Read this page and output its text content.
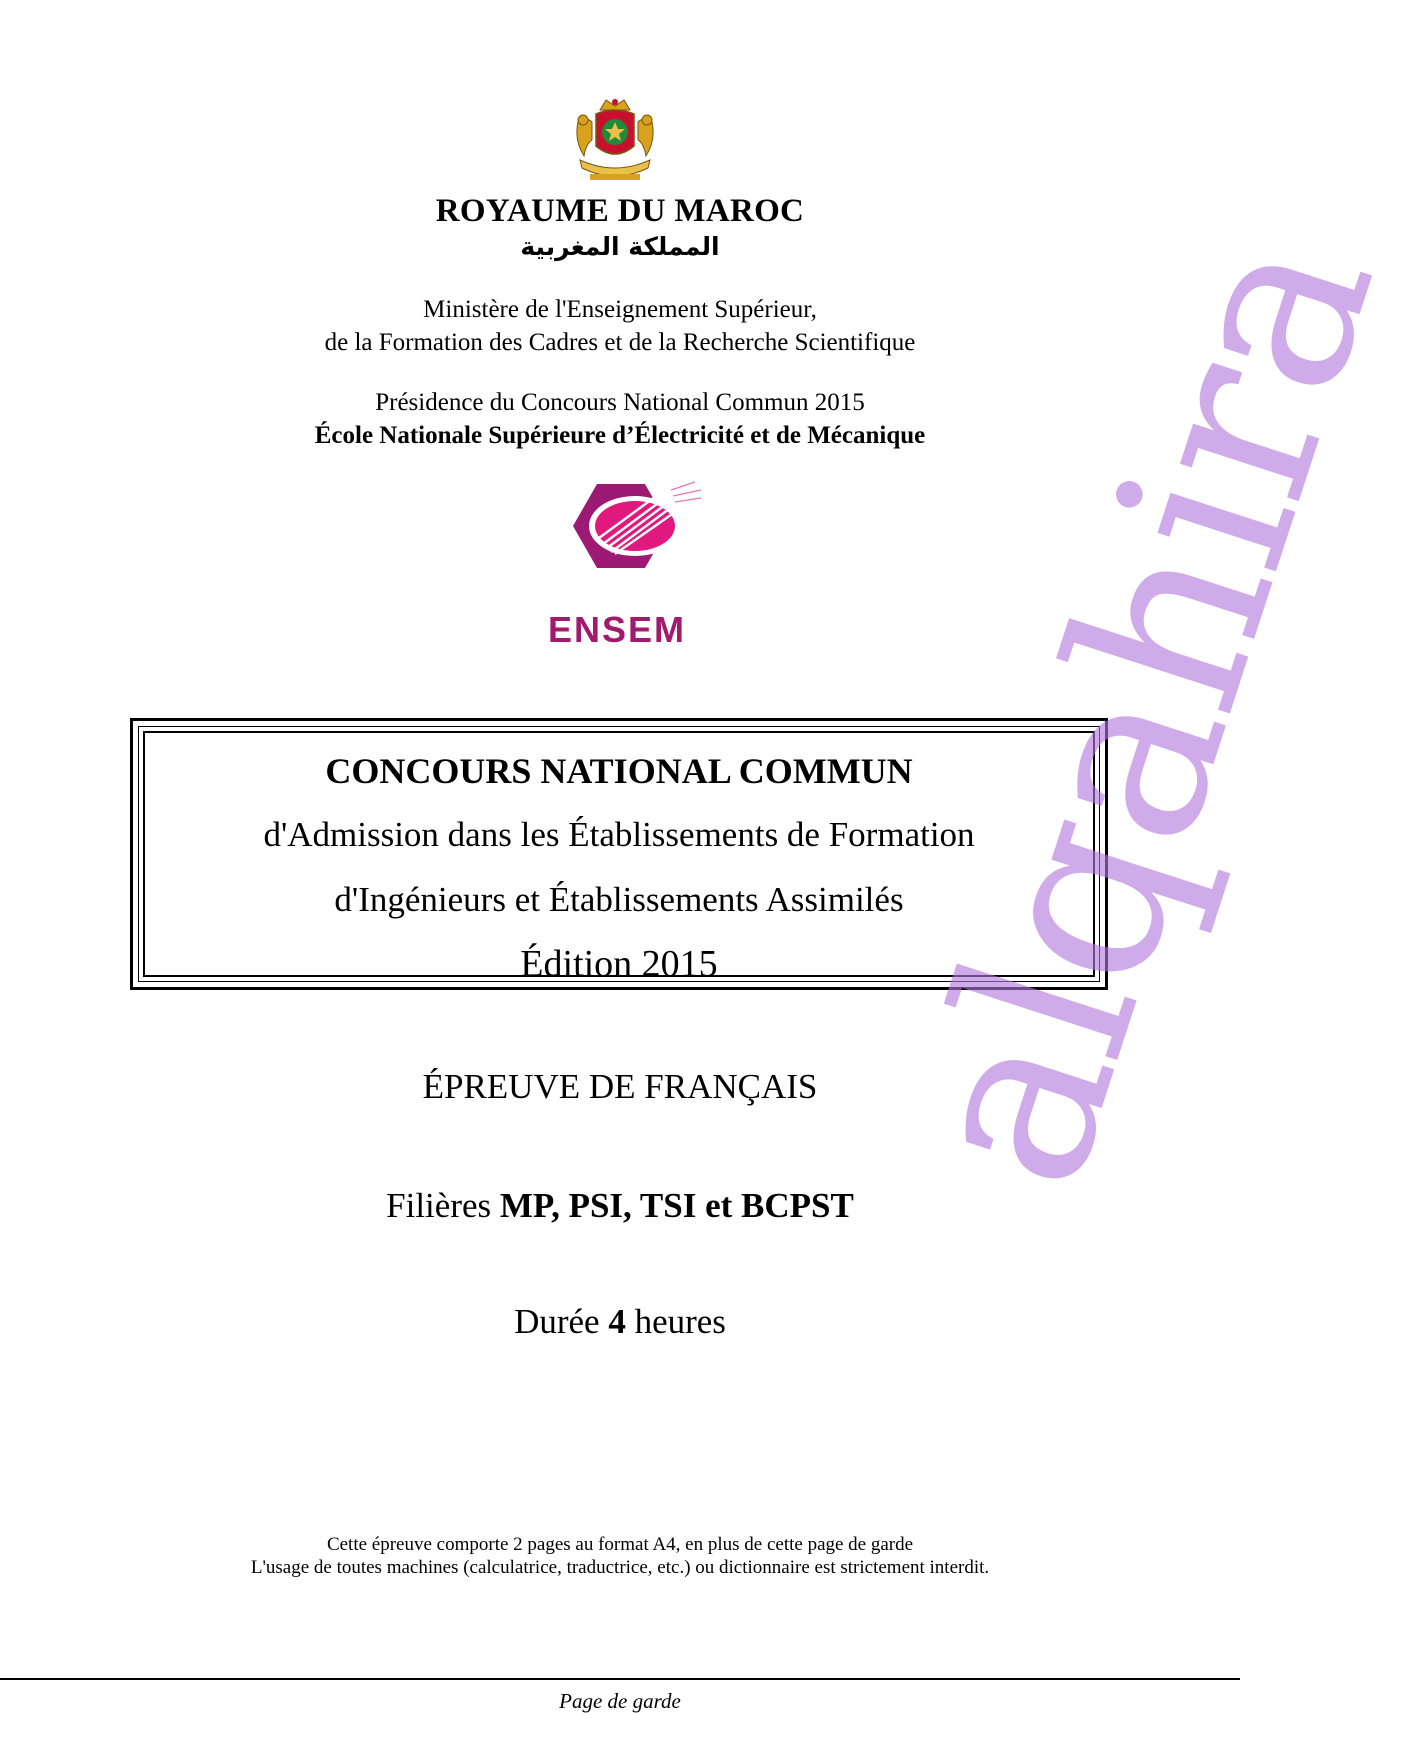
ROYAUME DU MAROC
المملكة المغربية
Ministère de l'Enseignement Supérieur,
de la Formation des Cadres et de la Recherche Scientifique
Présidence du Concours National Commun 2015
École Nationale Supérieure d’Électricité et de Mécanique
ENSEM
CONCOURS NATIONAL COMMUN
d'Admission dans les Établissements de Formation
d'Ingénieurs et Établissements Assimilés
Édition 2015
ÉPREUVE DE FRANÇAIS
Filières MP, PSI, TSI et BCPST
Durée 4 heures
Cette épreuve comporte 2 pages au format A4, en plus de cette page de garde
L'usage de toutes machines (calculatrice, traductrice, etc.) ou dictionnaire est strictement interdit.
Page de garde
alqahira
